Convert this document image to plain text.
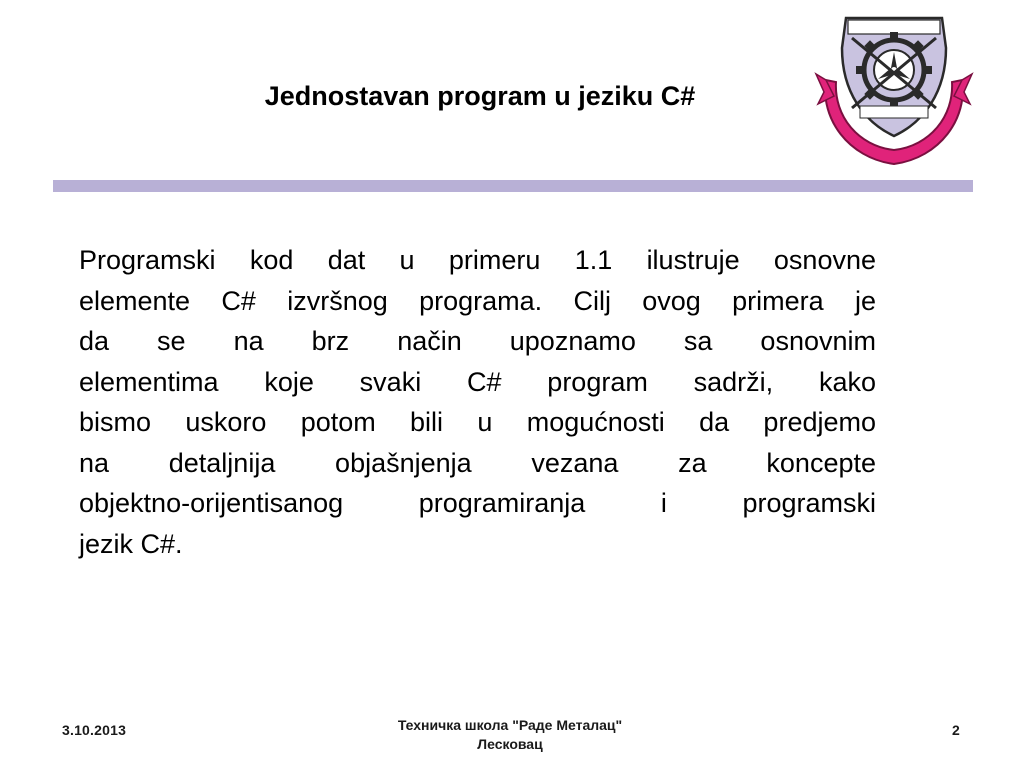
Jednostavan program u jeziku C#
Programski kod dat u primeru 1.1 ilustruje osnovne
elemente C# izvršnog programa. Cilj ovog primera je
da se na brz način upoznamo sa osnovnim
elementima koje svaki C# program sadrži, kako
bismo uskoro potom bili u mogućnosti da predjemo
na detaljnija objašnjenja vezana za koncepte
objektno-orijentisanog programiranja i programski
jezik C#.
3.10.2013	Техничка школа "Раде Металац"
Лесковац
2
